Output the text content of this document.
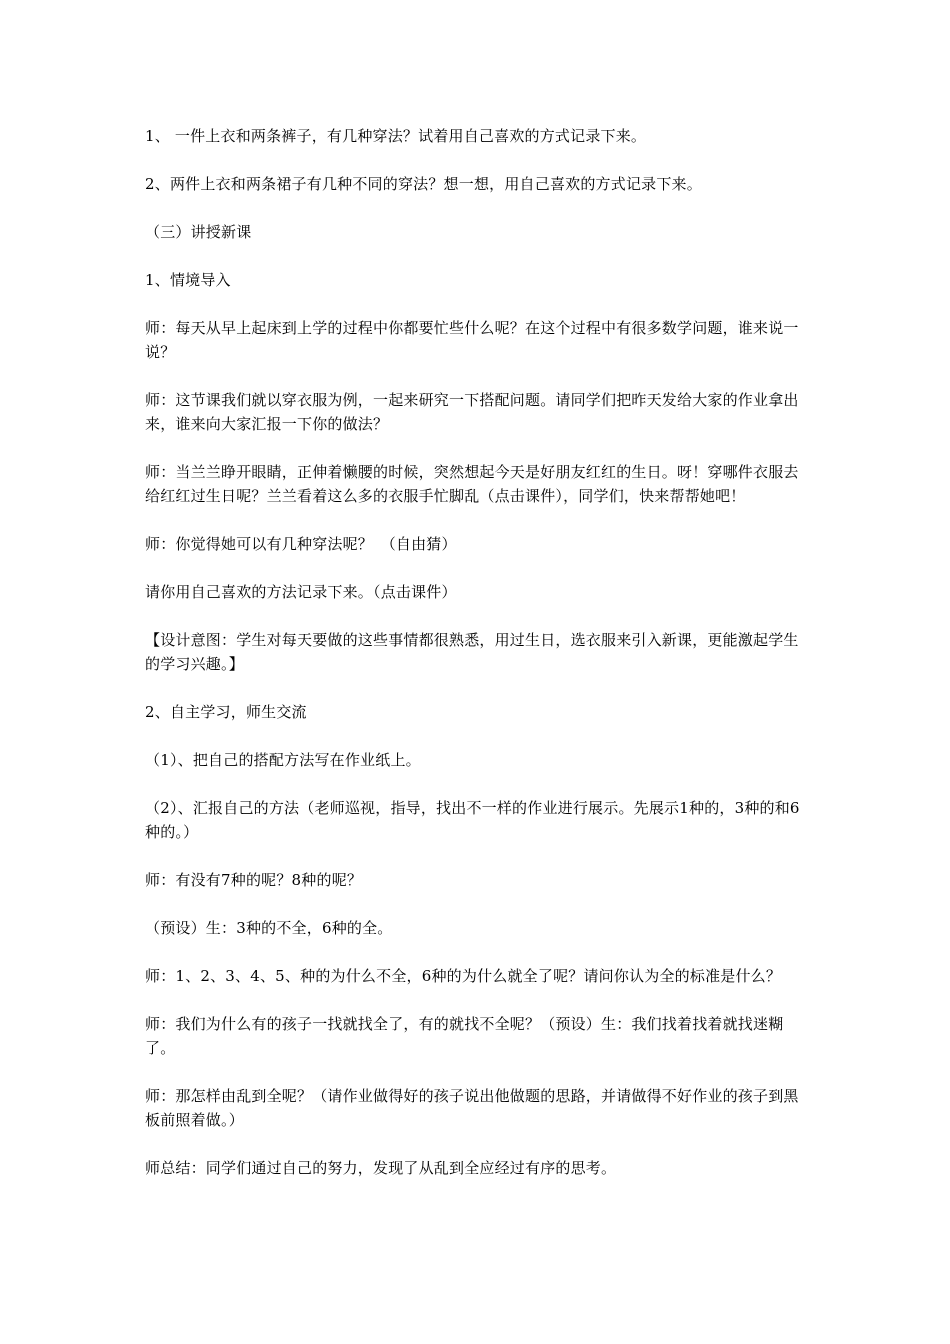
1、 一件上衣和两条裤子，有几种穿法？试着用自己喜欢的方式记录下来。

2、两件上衣和两条裙子有几种不同的穿法？想一想，用自己喜欢的方式记录下来。

（三）讲授新课

1、情境导入

师：每天从早上起床到上学的过程中你都要忙些什么呢？在这个过程中有很多数学问题，谁来说一说？

师：这节课我们就以穿衣服为例，一起来研究一下搭配问题。请同学们把昨天发给大家的作业拿出来，谁来向大家汇报一下你的做法？

师：当兰兰睁开眼睛，正伸着懒腰的时候，突然想起今天是好朋友红红的生日。呀！穿哪件衣服去给红红过生日呢？兰兰看着这么多的衣服手忙脚乱（点击课件），同学们，快来帮帮她吧！

师：你觉得她可以有几种穿法呢？　（自由猜）

请你用自己喜欢的方法记录下来。（点击课件）

【设计意图：学生对每天要做的这些事情都很熟悉，用过生日，选衣服来引入新课，更能激起学生的学习兴趣。】

2、自主学习，师生交流

（1）、把自己的搭配方法写在作业纸上。

（2）、汇报自己的方法（老师巡视，指导，找出不一样的作业进行展示。先展示1种的，3种的和6种的。）

师：有没有7种的呢？8种的呢？

（预设）生：3种的不全，6种的全。

师：1、2、3、4、5、种的为什么不全，6种的为什么就全了呢？请问你认为全的标准是什么？

师：我们为什么有的孩子一找就找全了，有的就找不全呢？（预设）生：我们找着找着就找迷糊了。

师：那怎样由乱到全呢？（请作业做得好的孩子说出他做题的思路，并请做得不好作业的孩子到黑板前照着做。）

师总结：同学们通过自己的努力，发现了从乱到全应经过有序的思考。
